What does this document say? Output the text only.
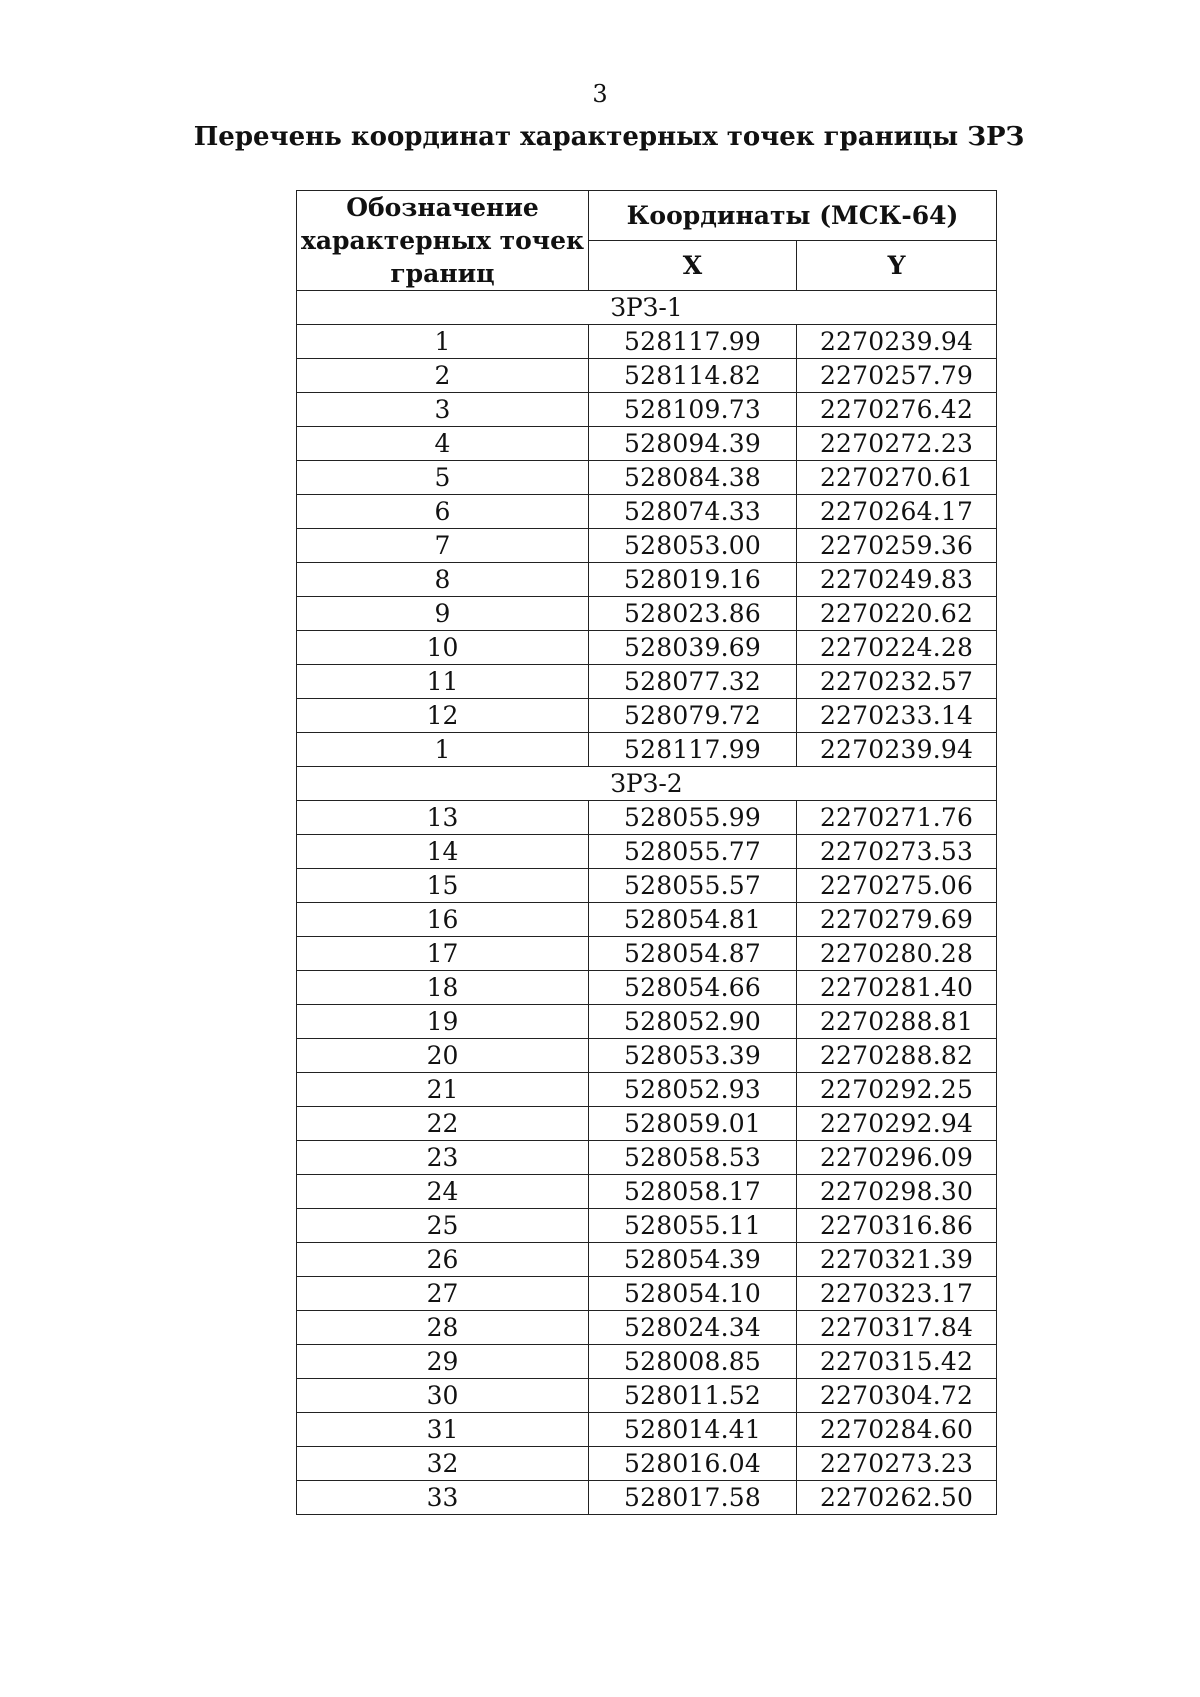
3
Перечень координат характерных точек границы ЗРЗ
Обозначение характерных точек границ	Координаты (МСК-64)	
	X	Y
ЗРЗ-1		
1	528117.99	2270239.94
2	528114.82	2270257.79
3	528109.73	2270276.42
4	528094.39	2270272.23
5	528084.38	2270270.61
6	528074.33	2270264.17
7	528053.00	2270259.36
8	528019.16	2270249.83
9	528023.86	2270220.62
10	528039.69	2270224.28
11	528077.32	2270232.57
12	528079.72	2270233.14
1	528117.99	2270239.94
ЗРЗ-2		
13	528055.99	2270271.76
14	528055.77	2270273.53
15	528055.57	2270275.06
16	528054.81	2270279.69
17	528054.87	2270280.28
18	528054.66	2270281.40
19	528052.90	2270288.81
20	528053.39	2270288.82
21	528052.93	2270292.25
22	528059.01	2270292.94
23	528058.53	2270296.09
24	528058.17	2270298.30
25	528055.11	2270316.86
26	528054.39	2270321.39
27	528054.10	2270323.17
28	528024.34	2270317.84
29	528008.85	2270315.42
30	528011.52	2270304.72
31	528014.41	2270284.60
32	528016.04	2270273.23
33	528017.58	2270262.50
